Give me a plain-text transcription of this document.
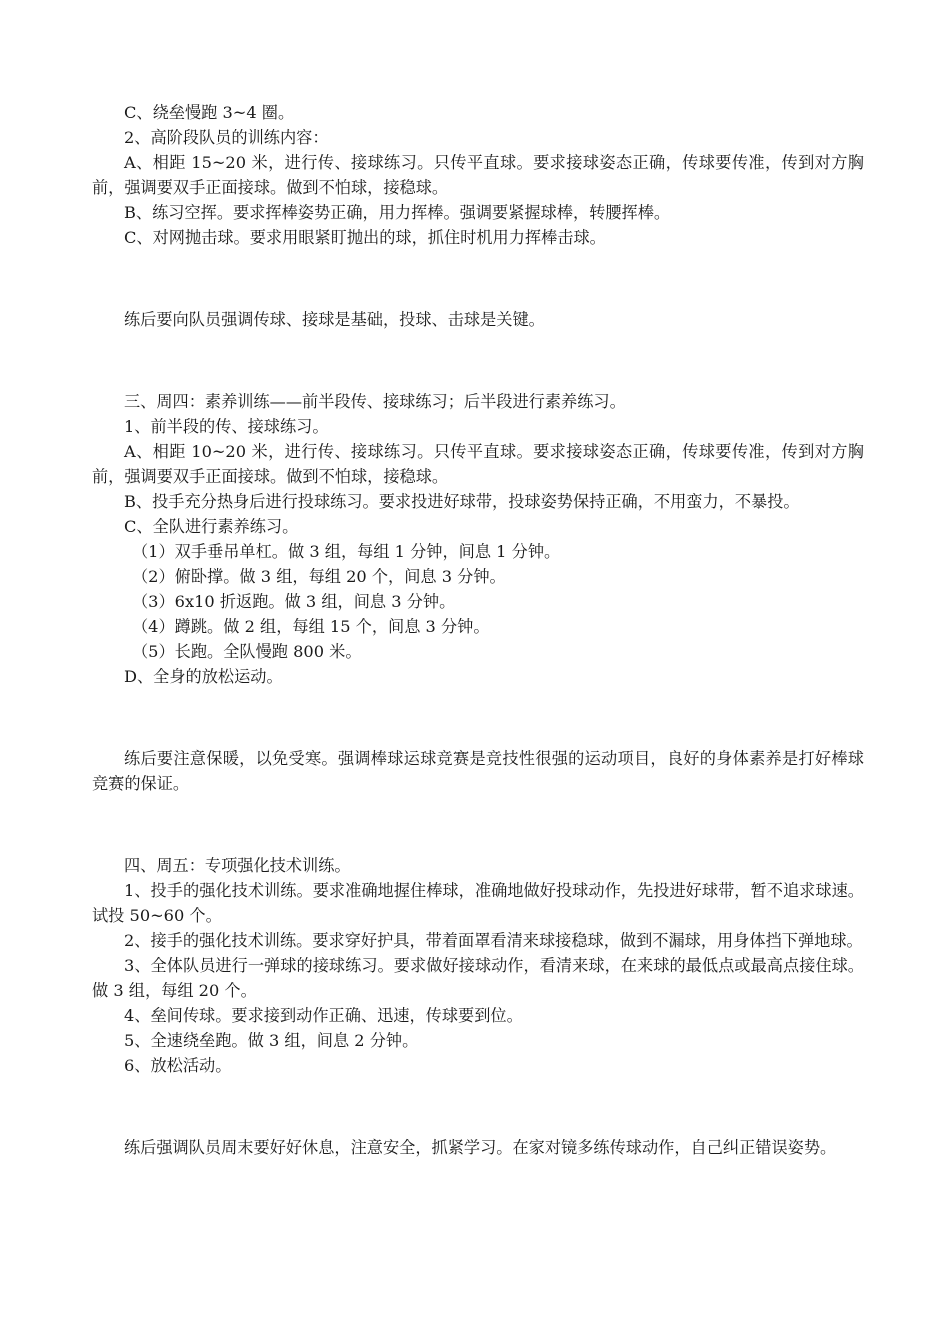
C、绕垒慢跑 3~4 圈。

2、高阶段队员的训练内容：

A、相距 15~20 米，进行传、接球练习。只传平直球。要求接球姿态正确，传球要传准，传到对方胸前，强调要双手正面接球。做到不怕球，接稳球。

B、练习空挥。要求挥棒姿势正确，用力挥棒。强调要紧握球棒，转腰挥棒。

C、对网抛击球。要求用眼紧盯抛出的球，抓住时机用力挥棒击球。

练后要向队员强调传球、接球是基础，投球、击球是关键。

三、周四：素养训练——前半段传、接球练习；后半段进行素养练习。

1、前半段的传、接球练习。

A、相距 10~20 米，进行传、接球练习。只传平直球。要求接球姿态正确，传球要传准，传到对方胸前，强调要双手正面接球。做到不怕球，接稳球。

B、投手充分热身后进行投球练习。要求投进好球带，投球姿势保持正确，不用蛮力，不暴投。

C、全队进行素养练习。

（1）双手垂吊单杠。做 3 组，每组 1 分钟，间息 1 分钟。

（2）俯卧撑。做 3 组，每组 20 个，间息 3 分钟。

（3）6x10 折返跑。做 3 组，间息 3 分钟。

（4）蹲跳。做 2 组，每组 15 个，间息 3 分钟。

（5）长跑。全队慢跑 800 米。

D、全身的放松运动。

练后要注意保暖，以免受寒。强调棒球运球竞赛是竞技性很强的运动项目，良好的身体素养是打好棒球竞赛的保证。

四、周五：专项强化技术训练。

1、投手的强化技术训练。要求准确地握住棒球，准确地做好投球动作，先投进好球带，暂不追求球速。试投 50~60 个。

2、接手的强化技术训练。要求穿好护具，带着面罩看清来球接稳球，做到不漏球，用身体挡下弹地球。

3、全体队员进行一弹球的接球练习。要求做好接球动作，看清来球，在来球的最低点或最高点接住球。做 3 组，每组 20 个。

4、垒间传球。要求接到动作正确、迅速，传球要到位。

5、全速绕垒跑。做 3 组，间息 2 分钟。

6、放松活动。

练后强调队员周末要好好休息，注意安全，抓紧学习。在家对镜多练传球动作，自己纠正错误姿势。
